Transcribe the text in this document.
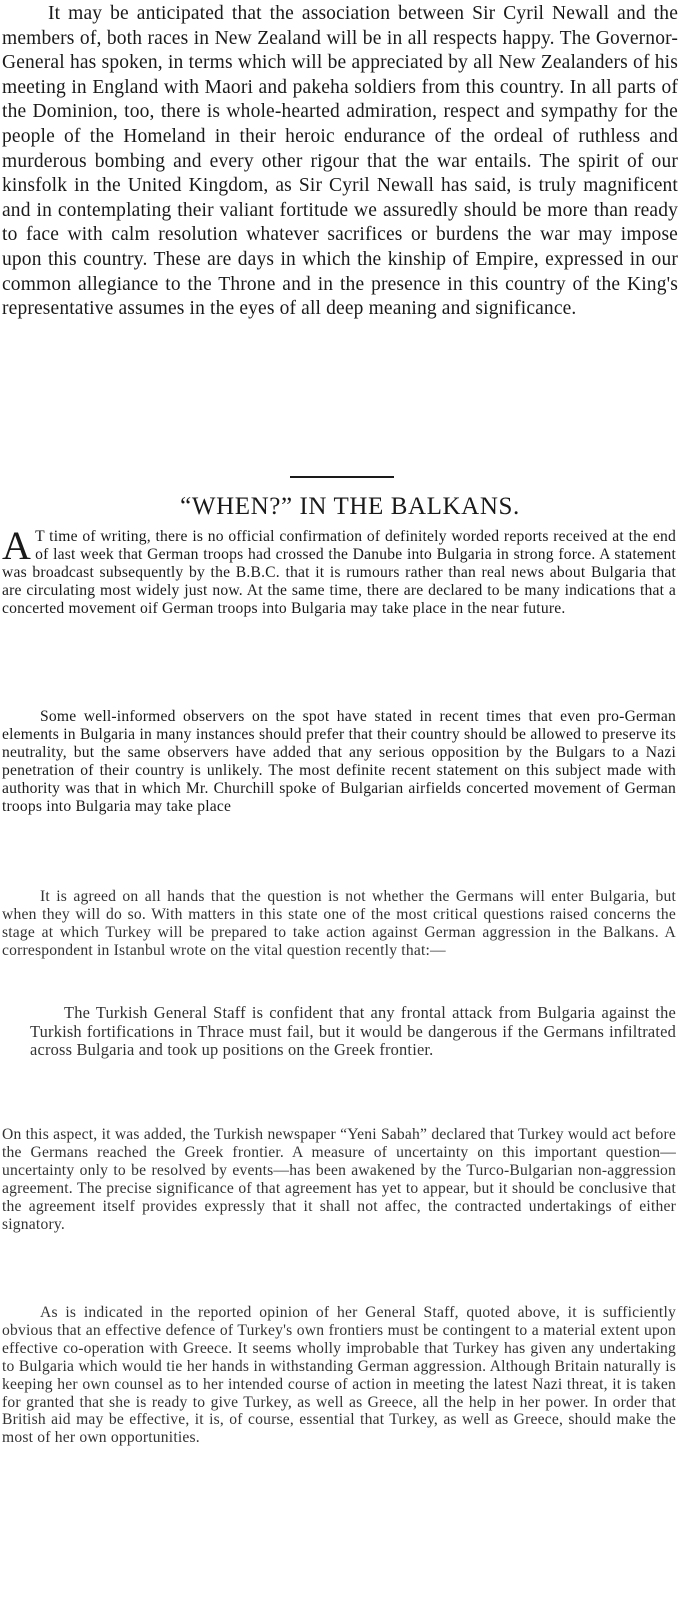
It may be anticipated that the association between Sir Cyril Newall and the members of, both races in New Zealand will be in all respects happy. The Governor-General has spoken, in terms which will be appreciated by all New Zealanders of his meeting in England with Maori and pakeha soldiers from this country. In all parts of the Dominion, too, there is whole-hearted admiration, respect and sympathy for the people of the Homeland in their heroic endurance of the ordeal of ruthless and murderous bombing and every other rigour that the war entails. The spirit of our kinsfolk in the United Kingdom, as Sir Cyril Newall has said, is truly magnificent and in contemplating their valiant fortitude we assuredly should be more than ready to face with calm resolution whatever sacrifices or burdens the war may impose upon this country. These are days in which the kinship of Empire, expressed in our common allegiance to the Throne and in the presence in this country of the King's representative assumes in the eyes of all deep meaning and significance.

“WHEN?” IN THE BALKANS.

A T time of writing, there is no official confirmation of definitely worded reports received at the end of last week that German troops had crossed the Danube into Bulgaria in strong force. A statement was broadcast subsequently by the B.B.C. that it is rumours rather than real news about Bulgaria that are circulating most widely just now. At the same time, there are declared to be many indications that a concerted movement oif German troops into Bulgaria may take place in the near future.

Some well-informed observers on the spot have stated in recent times that even pro-German elements in Bulgaria in many instances should prefer that their country should be allowed to preserve its neutrality, but the same observers have added that any serious opposition by the Bulgars to a Nazi penetration of their country is unlikely. The most definite recent statement on this subject made with authority was that in which Mr. Churchill spoke of Bulgarian airfields concerted movement of German troops into Bulgaria may take place

It is agreed on all hands that the question is not whether the Germans will enter Bulgaria, but when they will do so. With matters in this state one of the most critical questions raised concerns the stage at which Turkey will be prepared to take action against German aggression in the Balkans. A correspondent in Istanbul wrote on the vital question recently that:—

The Turkish General Staff is confident that any frontal attack from Bulgaria against the Turkish fortifications in Thrace must fail, but it would be dangerous if the Germans infiltrated across Bulgaria and took up positions on the Greek frontier.

On this aspect, it was added, the Turkish newspaper “Yeni Sabah” declared that Turkey would act before the Germans reached the Greek frontier. A measure of uncertainty on this important question—uncertainty only to be resolved by events—has been awakened by the Turco-Bulgarian non-aggression agreement. The precise significance of that agreement has yet to appear, but it should be conclusive that the agreement itself provides expressly that it shall not affec, the contracted undertakings of either signatory.

As is indicated in the reported opinion of her General Staff, quoted above, it is sufficiently obvious that an effective defence of Turkey's own frontiers must be contingent to a material extent upon effective co-operation with Greece. It seems wholly improbable that Turkey has given any undertaking to Bulgaria which would tie her hands in withstanding German aggression. Although Britain naturally is keeping her own counsel as to her intended course of action in meeting the latest Nazi threat, it is taken for granted that she is ready to give Turkey, as well as Greece, all the help in her power. In order that British aid may be effective, it is, of course, essential that Turkey, as well as Greece, should make the most of her own opportunities.
